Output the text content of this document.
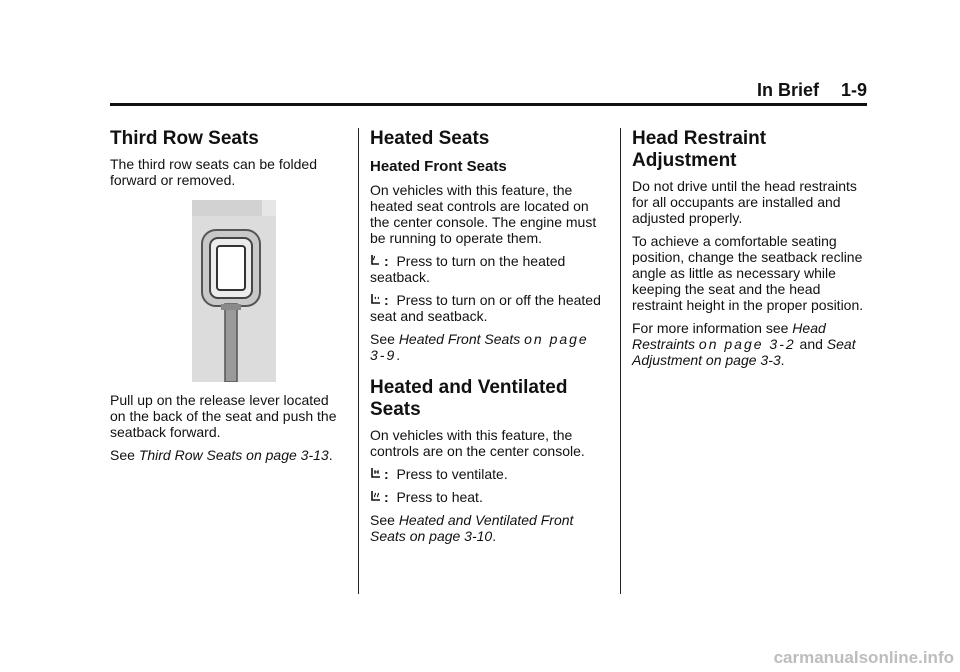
In Brief 1-9
Third Row Seats

The third row seats can be folded forward or removed.

Pull up on the release lever located on the back of the seat and push the seatback forward.

See Third Row Seats on page 3-13.

Heated Seats
Heated Front Seats

On vehicles with this feature, the heated seat controls are located on the center console. The engine must be running to operate them.

: Press to turn on the heated seatback.

: Press to turn on or off the heated seat and seatback.

See Heated Front Seats on page 3-9.

Heated and Ventilated Seats

On vehicles with this feature, the controls are on the center console.

: Press to ventilate.

: Press to heat.

See Heated and Ventilated Front Seats on page 3-10.

Head Restraint Adjustment

Do not drive until the head restraints for all occupants are installed and adjusted properly.

To achieve a comfortable seating position, change the seatback recline angle as little as necessary while keeping the seat and the head restraint height in the proper position.

For more information see Head Restraints on page 3-2 and Seat Adjustment on page 3-3.

carmanualsonline.info
